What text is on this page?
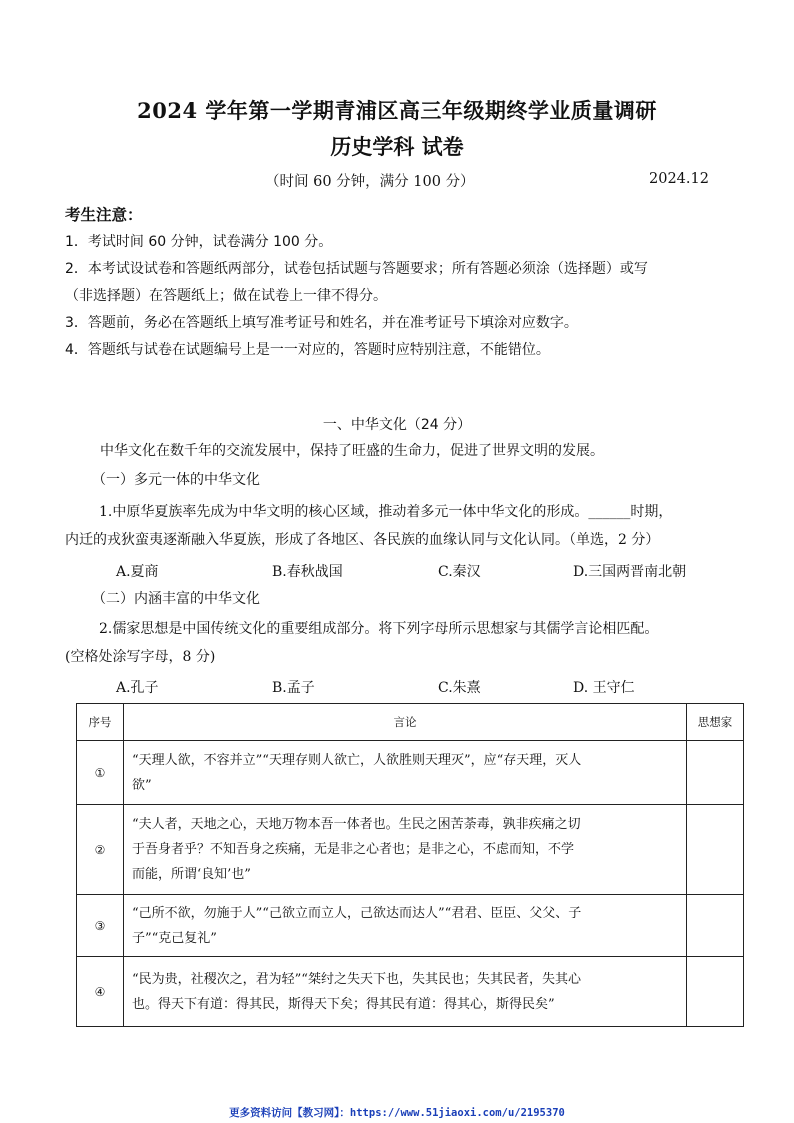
2024 学年第一学期青浦区高三年级期终学业质量调研
历史学科 试卷
（时间 60 分钟，满分 100 分）	2024.12
考生注意：
1．考试时间 60 分钟，试卷满分 100 分。
2．本考试设试卷和答题纸两部分，试卷包括试题与答题要求；所有答题必须涂（选择题）或写
（非选择题）在答题纸上；做在试卷上一律不得分。
3．答题前，务必在答题纸上填写准考证号和姓名，并在准考证号下填涂对应数字。
4．答题纸与试卷在试题编号上是一一对应的，答题时应特别注意，不能错位。
一、中华文化（24 分）
中华文化在数千年的交流发展中，保持了旺盛的生命力，促进了世界文明的发展。
（一）多元一体的中华文化
1.中原华夏族率先成为中华文明的核心区域，推动着多元一体中华文化的形成。______时期，
内迁的戎狄蛮夷逐渐融入华夏族，形成了各地区、各民族的血缘认同与文化认同。（单选，2 分）
A.夏商	B.春秋战国	C.秦汉	D.三国两晋南北朝
（二）内涵丰富的中华文化
2.儒家思想是中国传统文化的重要组成部分。将下列字母所示思想家与其儒学言论相匹配。
(空格处涂写字母，8 分)
A.孔子	B.孟子	C.朱熹	D. 王守仁
序号	言论	思想家
①	“天理人欲，不容并立”“天理存则人欲亡，人欲胜则天理灭”，应“存天理，灭人
欲”	

②	“夫人者，天地之心，天地万物本吾一体者也。生民之困苦荼毒，孰非疾痛之切
于吾身者乎？不知吾身之疾痛，无是非之心者也；是非之心，不虑而知，不学
而能，所谓‘良知’也”	

③	“己所不欲，勿施于人”“己欲立而立人，己欲达而达人”“君君、臣臣、父父、子
子”“克己复礼”	

④	“民为贵，社稷次之，君为轻”“桀纣之失天下也，失其民也；失其民者，失其心
也。得天下有道：得其民，斯得天下矣；得其民有道：得其心，斯得民矣”	

更多资料访问【教习网】：https://www.51jiaoxi.com/u/2195370
